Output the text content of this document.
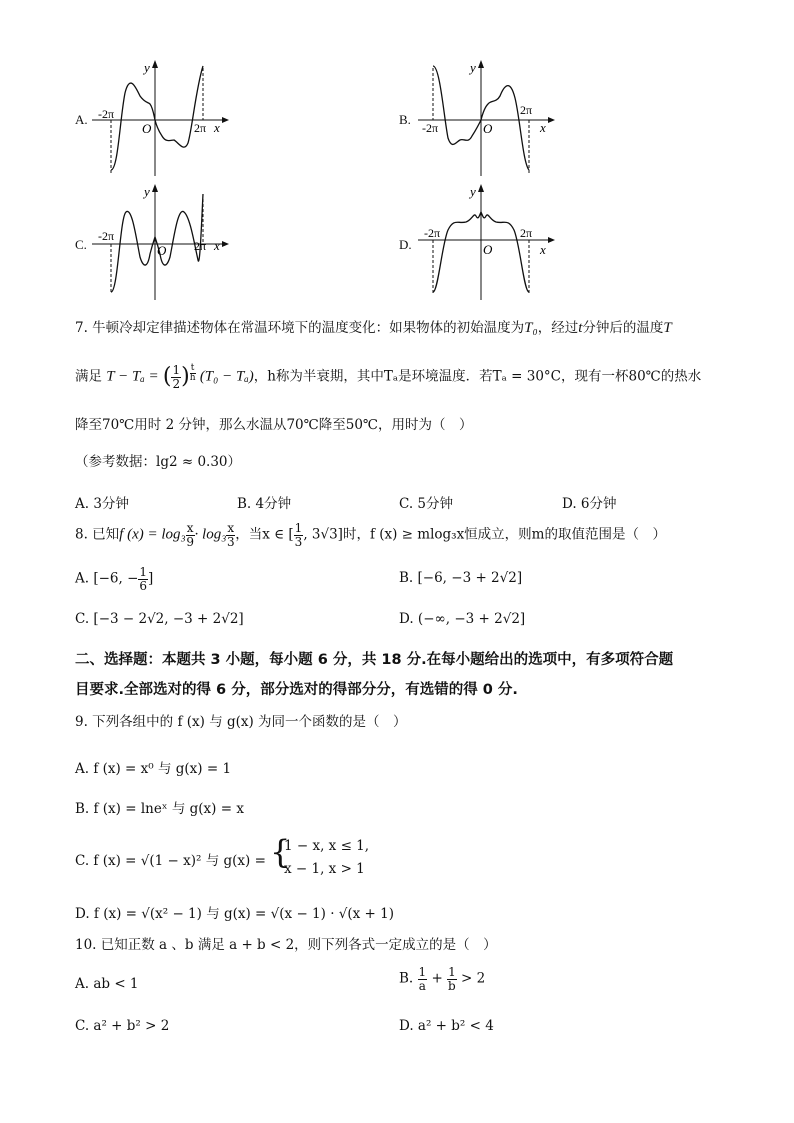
A.
y
x
O
-2π
2π
B.
y
x
O
-2π
2π
C.
y
x
O
-2π
2π	D.
y
x
O
-2π	2π
7. 牛顿冷却定律描述物体在常温环境下的温度变化：如果物体的初始温度为T₀，经过t分钟后的温度T
满足 T − Tₐ = ( $\frac{1}{2}$ ) $^{\frac{t}{h}}$ (T₀ − Tₐ)，h称为半衰期，其中Tₐ是环境温度．若Tₐ = 30°C，现有一杯80℃的热水
降至70℃用时 2 分钟，那么水温从70℃降至50℃，用时为（　）
（参考数据：lg2 ≈ 0.30）
A. 3分钟	B. 4分钟	C. 5分钟	D. 6分钟
8. 已知f $(x) = \log_3 \frac{x}{9} \cdot \log_3 \frac{x}{3}$ ，当x ∈ [ $\frac{1}{3}$ , 3√3]时，f (x) ≥ mlog₃x恒成立，则m的取值范围是（　）
A. [−6, − $\frac{1}{6}$ ]	B. [−6, −3 + 2√2]
C. [−3 − 2√2, −3 + 2√2]	D. (−∞, −3 + 2√2]
二、选择题：本题共 3 小题，每小题 6 分，共 18 分.在每小题给出的选项中，有多项符合题
目要求.全部选对的得 6 分，部分选对的得部分分，有选错的得 0 分.
9. 下列各组中的 f (x) 与 g(x) 为同一个函数的是（　）
A. f (x) = x⁰ 与 g(x) = 1
B. f (x) = lneˣ 与 g(x) = x
C. f (x) = √(1 − x)² 与 g(x) = {
1 − x, x ≤ 1,
x − 1, x > 1
D. f (x) = √(x² − 1) 与 g(x) = √(x − 1) · √(x + 1)
10. 已知正数 a 、b 满足 a + b < 2，则下列各式一定成立的是（　）
A. ab < 1	B. $\frac{1}{a} + \frac{1}{b} > 2$
C. a² + b² > 2	D. a² + b² < 4
